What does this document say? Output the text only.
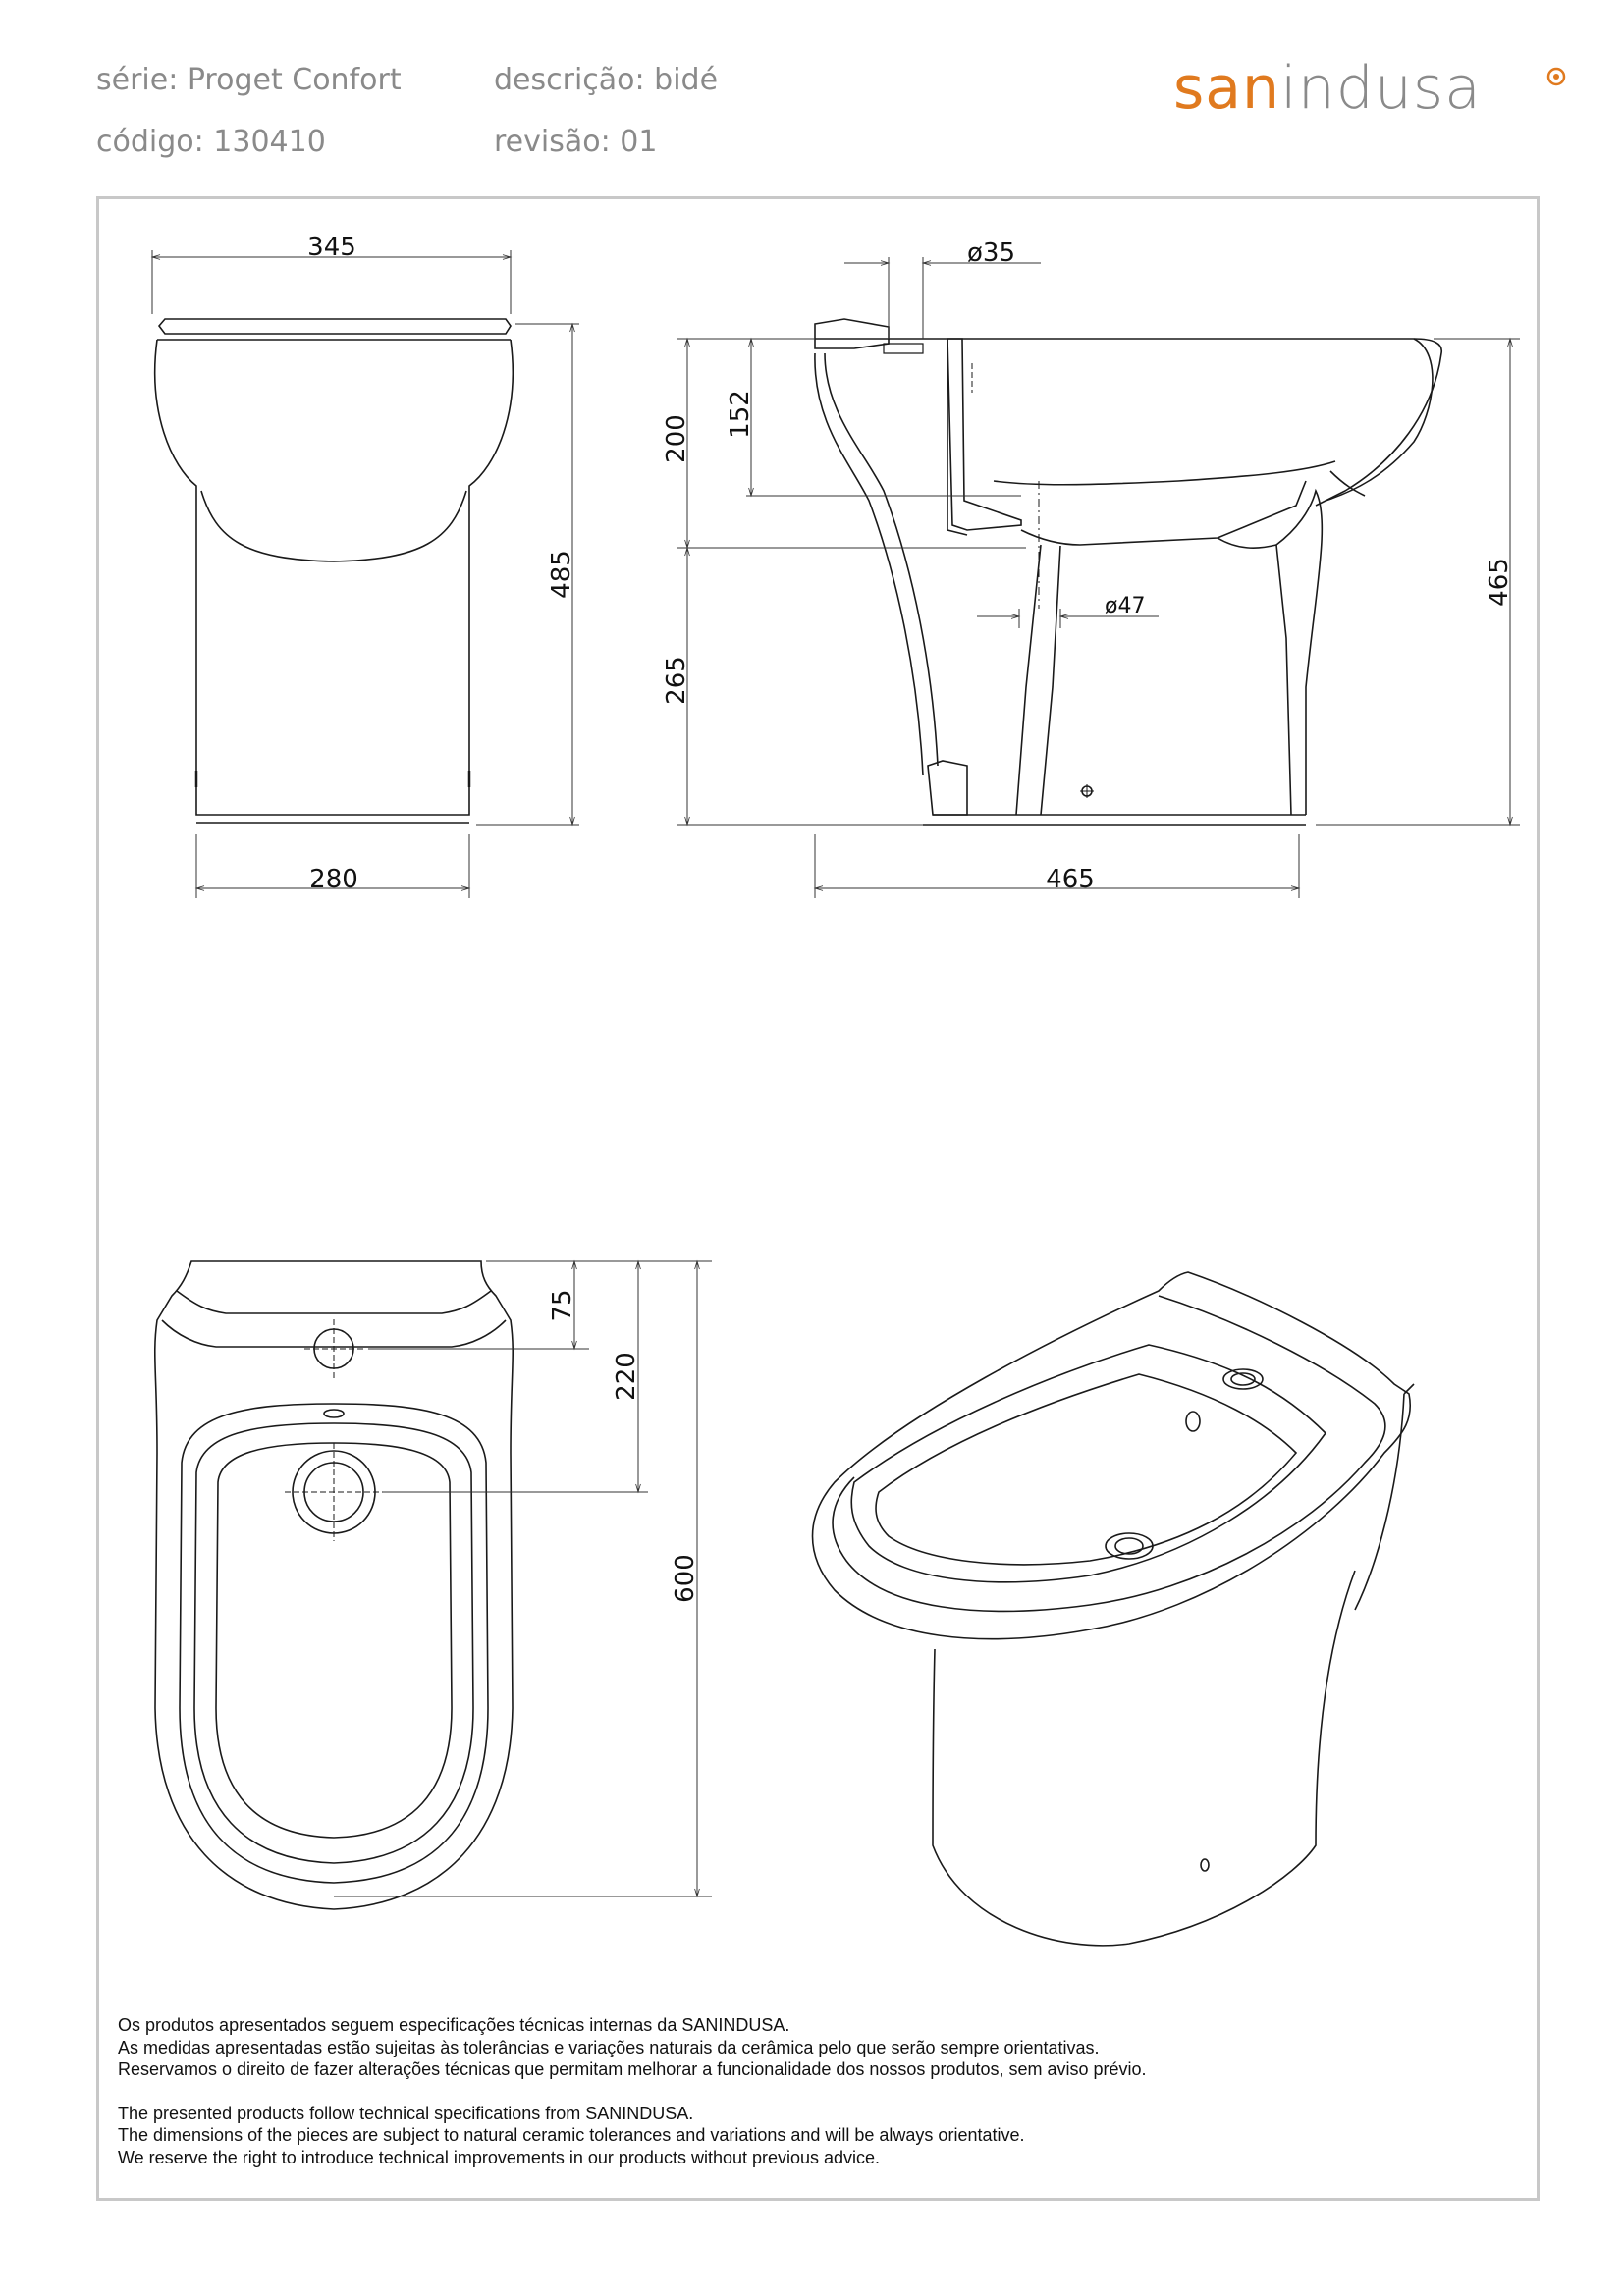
série: Proget Confort	descrição: bidé
código: 130410	revisão: 01
sanindusa
345
280
485
ø35
200
152
265
ø47	465
465
75
220
600

Os produtos apresentados seguem especificações técnicas internas da SANINDUSA.

As medidas apresentadas estão sujeitas às tolerâncias e variações naturais da cerâmica pelo que serão sempre orientativas.

Reservamos o direito de fazer alterações técnicas que permitam melhorar a funcionalidade dos nossos produtos, sem aviso prévio.

The presented products follow technical specifications from SANINDUSA.

The dimensions of the pieces are subject to natural ceramic tolerances and variations and will be always orientative.

We reserve the right to introduce technical improvements in our products without previous advice.
